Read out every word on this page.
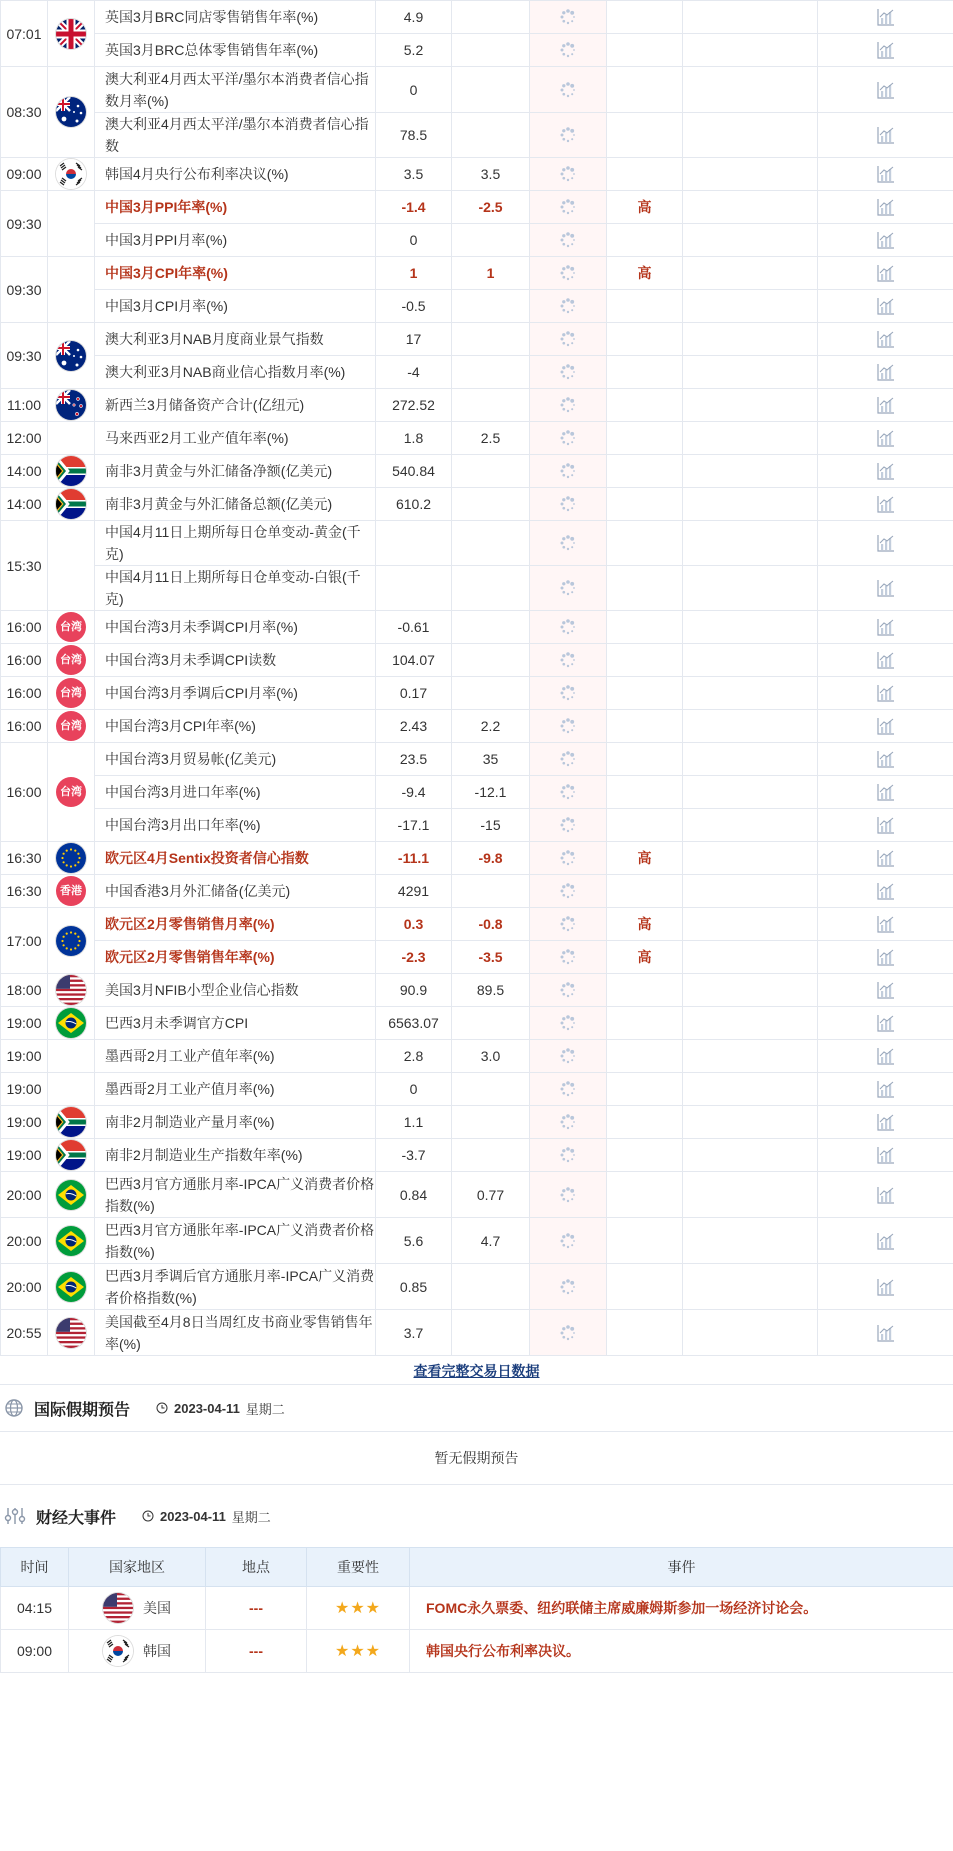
07:01		英国3月BRC同店零售销售年率(%)	4.9					
		英国3月BRC总体零售销售年率(%)	5.2					
08:30		澳大利亚4月西太平洋/墨尔本消费者信心指数月率(%)	0					
		澳大利亚4月西太平洋/墨尔本消费者信心指数	78.5					
09:00		韩国4月央行公布利率决议(%)	3.5	3.5				
09:30		中国3月PPI年率(%)	-1.4	-2.5		高		
		中国3月PPI月率(%)	0					
09:30		中国3月CPI年率(%)	1	1		高		
		中国3月CPI月率(%)	-0.5					
09:30		澳大利亚3月NAB月度商业景气指数	17					
		澳大利亚3月NAB商业信心指数月率(%)	-4					
11:00		新西兰3月储备资产合计(亿纽元)	272.52					
12:00		马来西亚2月工业产值年率(%)	1.8	2.5				
14:00		南非3月黄金与外汇储备净额(亿美元)	540.84					
14:00		南非3月黄金与外汇储备总额(亿美元)	610.2					
15:30		中国4月11日上期所每日仓单变动-黄金(千克)						
		中国4月11日上期所每日仓单变动-白银(千克)						
16:00	台湾	中国台湾3月未季调CPI月率(%)	-0.61					
16:00	台湾	中国台湾3月未季调CPI读数	104.07					
16:00	台湾	中国台湾3月季调后CPI月率(%)	0.17					
16:00	台湾	中国台湾3月CPI年率(%)	2.43	2.2				
16:00	台湾	中国台湾3月贸易帐(亿美元)	23.5	35				
		中国台湾3月进口年率(%)	-9.4	-12.1				
		中国台湾3月出口年率(%)	-17.1	-15				
16:30		欧元区4月Sentix投资者信心指数	-11.1	-9.8		高		
16:30	香港	中国香港3月外汇储备(亿美元)	4291					
17:00		欧元区2月零售销售月率(%)	0.3	-0.8		高		
		欧元区2月零售销售年率(%)	-2.3	-3.5		高		
18:00		美国3月NFIB小型企业信心指数	90.9	89.5				
19:00		巴西3月未季调官方CPI	6563.07					
19:00		墨西哥2月工业产值年率(%)	2.8	3.0				
19:00		墨西哥2月工业产值月率(%)	0					
19:00		南非2月制造业产量月率(%)	1.1					
19:00		南非2月制造业生产指数年率(%)	-3.7					
20:00		巴西3月官方通胀月率-IPCA广义消费者价格指数(%)	0.84	0.77				
20:00		巴西3月官方通胀年率-IPCA广义消费者价格指数(%)	5.6	4.7				
20:00		巴西3月季调后官方通胀月率-IPCA广义消费者价格指数(%)	0.85					
20:55		美国截至4月8日当周红皮书商业零售销售年率(%)	3.7					
查看完整交易日数据
国际假期预告	2023-04-11 星期二
暂无假期预告
财经大事件	2023-04-11 星期二
时间	国家地区	地点	重要性	事件
04:15	美国	---	★★★	FOMC永久票委、纽约联储主席威廉姆斯参加一场经济讨论会。
09:00	韩国	---	★★★	韩国央行公布利率决议。
